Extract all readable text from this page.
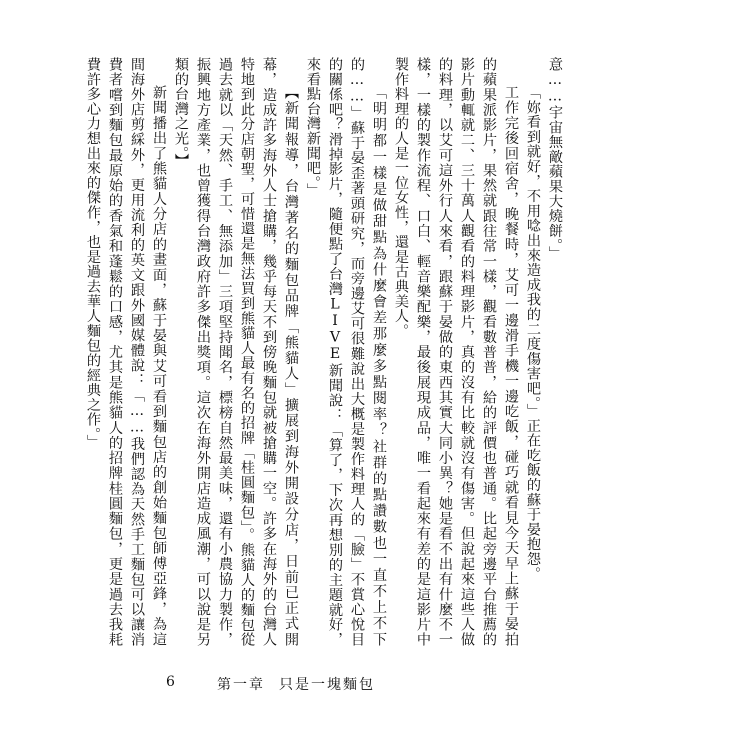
意……宇宙無敵蘋果大燒餅。」

「妳看到就好，不用唸出來造成我的二度傷害吧。」正在吃飯的蘇于晏抱怨。

工作完後回宿舍，晚餐時，艾可一邊滑手機一邊吃飯，碰巧就看見今天早上蘇于晏拍的蘋果派影片，果然就跟往常一樣，觀看數普普，給的評價也普通。比起旁邊平台推薦的影片動輒就二、三十萬人觀看的料理影片，真的沒有比較就沒有傷害。但說起來這些人做的料理，以艾可這外行人來看，跟蘇于晏做的東西其實大同小異？她是看不出有什麼不一樣，一樣的製作流程、口白、輕音樂配樂，最後展現成品，唯一看起來有差的是這影片中製作料理的人是一位女性，還是古典美人。

「明明都一樣是做甜點為什麼會差那麼多點閱率？社群的點讚數也一直不上不下的……」蘇于晏歪著頭研究，而旁邊艾可很難說出大概是製作料理人的「臉」不賞心悅目的關係吧？滑掉影片，隨便點了台灣LIVE新聞說：「算了，下次再想別的主題就好，來看點台灣新聞吧。」

【新聞報導，台灣著名的麵包品牌「熊貓人」擴展到海外開設分店，日前已正式開幕，造成許多海外人士搶購，幾乎每天不到傍晚麵包就被搶購一空。許多在海外的台灣人特地到此分店朝聖，可惜還是無法買到熊貓人最有名的招牌「桂圓麵包」。熊貓人的麵包從過去就以「天然、手工、無添加」三項堅持聞名，標榜自然最美味，還有小農協力製作，振興地方產業，也曾獲得台灣政府許多傑出獎項。這次在海外開店造成風潮，可以說是另類的台灣之光。】

新聞播出了熊貓人分店的畫面，蘇于晏與艾可看到麵包店的創始麵包師傅亞鋒，為這間海外店剪綵外，更用流利的英文跟外國媒體說：「……我們認為天然手工麵包可以讓消費者嚐到麵包最原始的香氣和蓬鬆的口感，尤其是熊貓人的招牌桂圓麵包，更是過去我耗費許多心力想出來的傑作，也是過去華人麵包的經典之作。」

6	第一章 只是一塊麵包
